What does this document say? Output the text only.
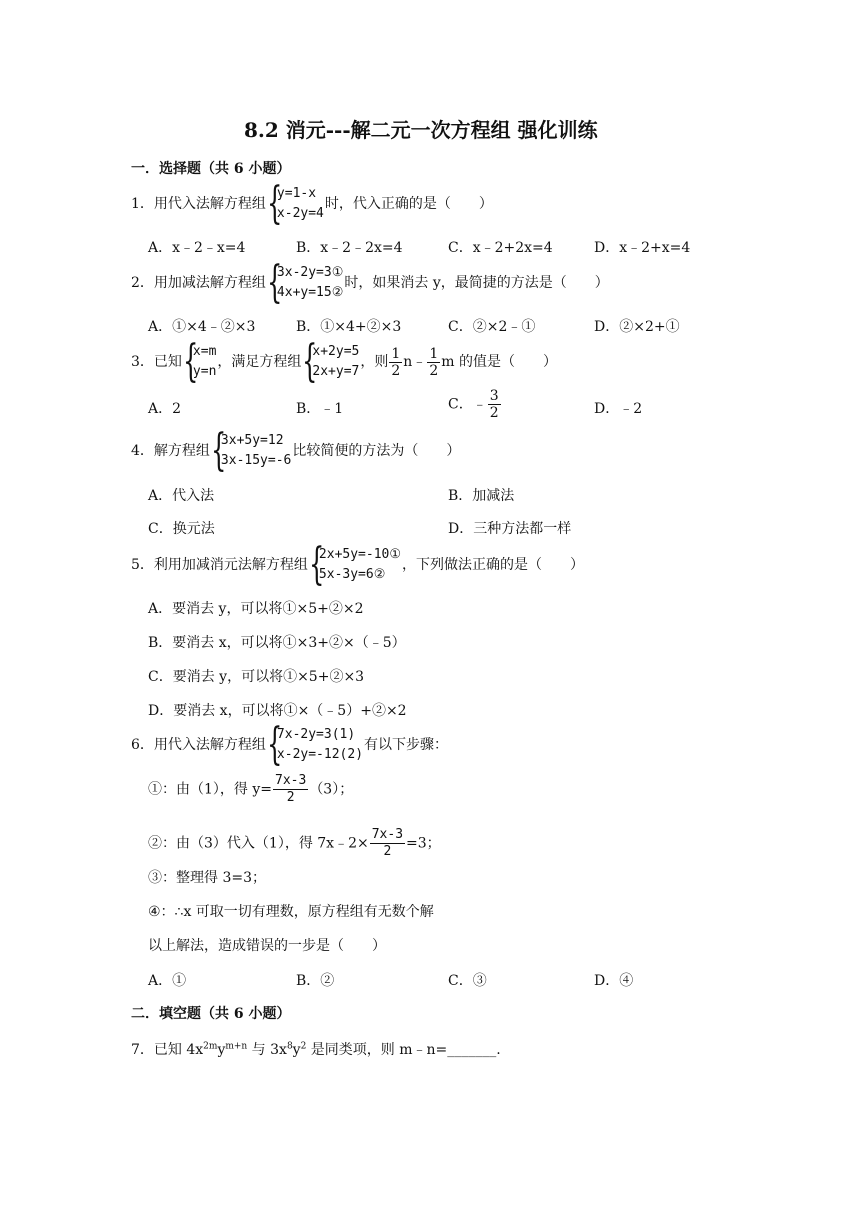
8.2 消元---解二元一次方程组 强化训练
一．选择题（共 6 小题）
1．用代入法解方程组 {
y=1-x
x-2y=4
时，代入正确的是（　　）
A．x﹣2﹣x=4	B．x﹣2﹣2x=4	C．x﹣2+2x=4	D．x﹣2+x=4
2．用加减法解方程组 {
3x-2y=3①
4x+y=15②
时，如果消去 y，最简捷的方法是（　　）
A．①×4﹣②×3	B．①×4+②×3	C．②×2﹣①	D．②×2+①
3．已知 {
x=m
y=n
，满足方程组 {
x+2y=5
2x+y=7
，则 $\frac{1}{2}$ n﹣ $\frac{1}{2}$ m 的值是（　　）
A．2	B．﹣1	C．﹣ $\frac{3}{2}$	D．﹣2
4．解方程组 {
3x+5y=12
3x-15y=-6
比较简便的方法为（　　）
A．代入法	B．加减法
C．换元法	D．三种方法都一样
5．利用加减消元法解方程组 {
2x+5y=-10①
5x-3y=6②
，下列做法正确的是（　　）
A．要消去 y，可以将①×5+②×2
B．要消去 x，可以将①×3+②×（﹣5）
C．要消去 y，可以将①×5+②×3
D．要消去 x，可以将①×（﹣5）+②×2
6．用代入法解方程组 {
7x-2y=3(1)
x-2y=-12(2)
有以下步骤：
①：由（1），得 $y= \frac{7x-3}{2} (3)$；
②：由（3）代入（1），得 7x﹣2× $\frac{7x-3}{2} =3$；
③：整理得 3=3；
④：∴x 可取一切有理数，原方程组有无数个解
以上解法，造成错误的一步是（　　）
A．①	B．②	C．③	D．④
二．填空题（共 6 小题）
7．已知 $4x^{2m}y^{m+n}$ 与 $3x^8y^2$ 是同类项，则 m﹣n=_______.
